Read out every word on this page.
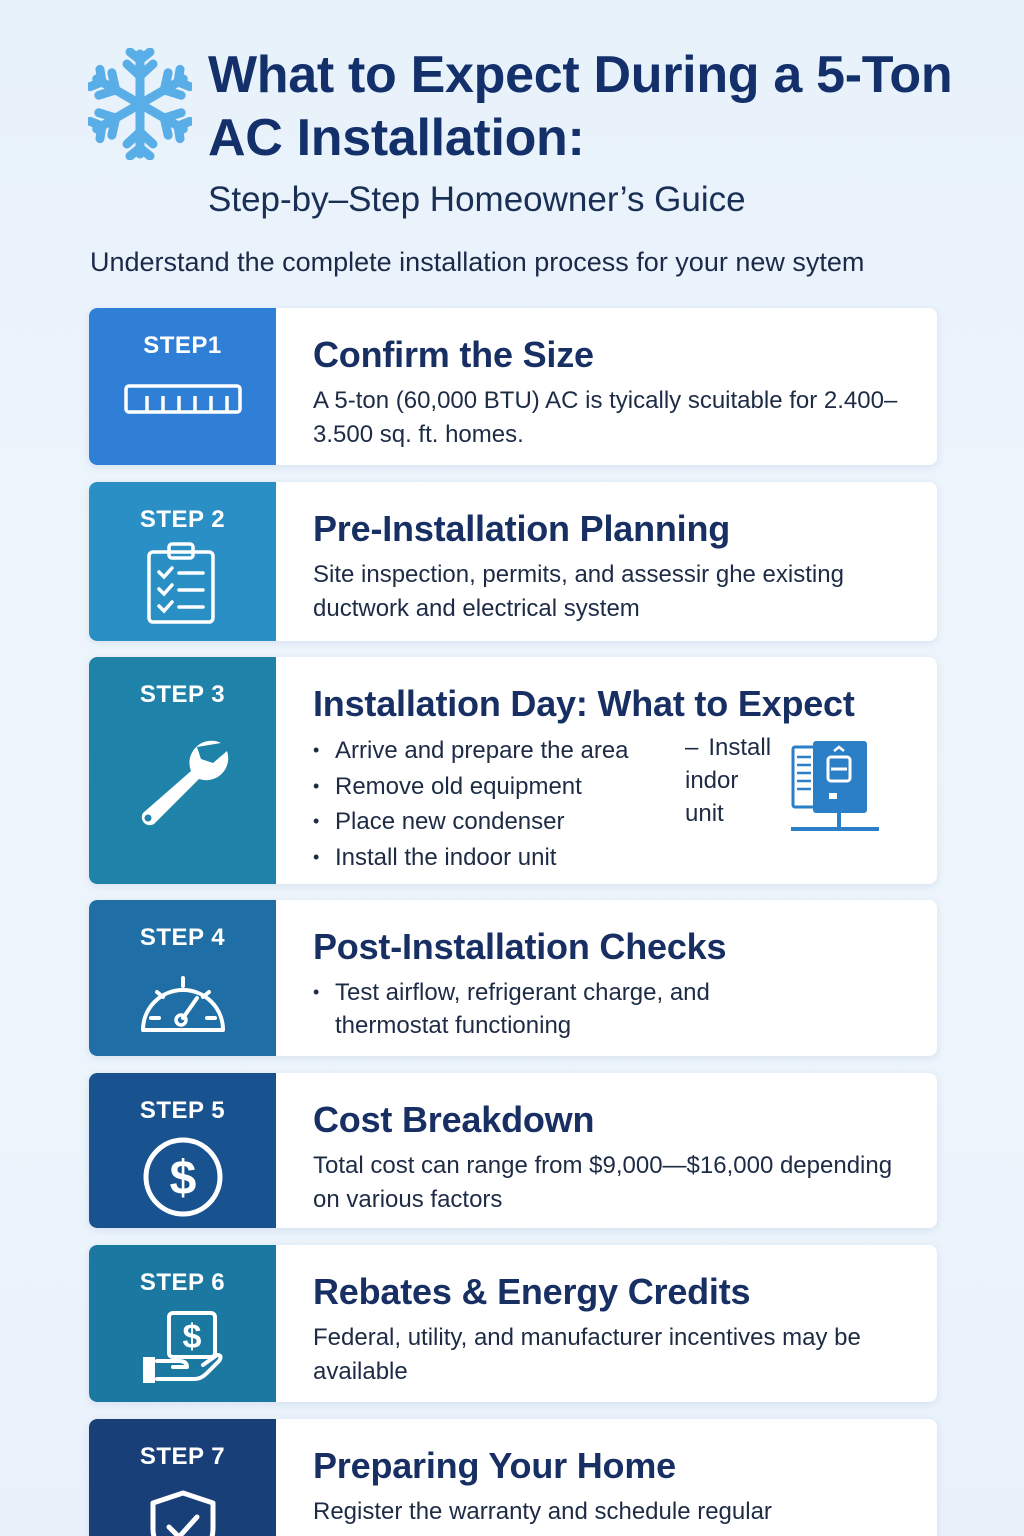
What to Expect During a 5-Ton AC Installation:
Step-by–Step Homeowner’s Guice
Understand the complete installation process for your new sytem
STEP1	Confirm the Size
A 5-ton (60,000 BTU) AC is tyically scuitable for 2.400–3.500 sq. ft. homes.
STEP 2	Pre-Installation Planning
Site inspection, permits, and assessir ghe existing ductwork and electrical system
STEP 3	Installation Day: What to Expect
• Arrive and prepare the area
• Remove old equipment
• Place new condenser
• Install the indoor unit
– Install indor unit
STEP 4	Post-Installation Checks
• Test airflow, refrigerant charge, and thermostat functioning
STEP 5
$
Cost Breakdown
Total cost can range from $9,000—$16,000 depending on various factors
STEP 6
$
Rebates & Energy Credits
Federal, utility, and manufacturer incentives may be available
STEP 7	Preparing Your Home
Register the warranty and schedule regular
